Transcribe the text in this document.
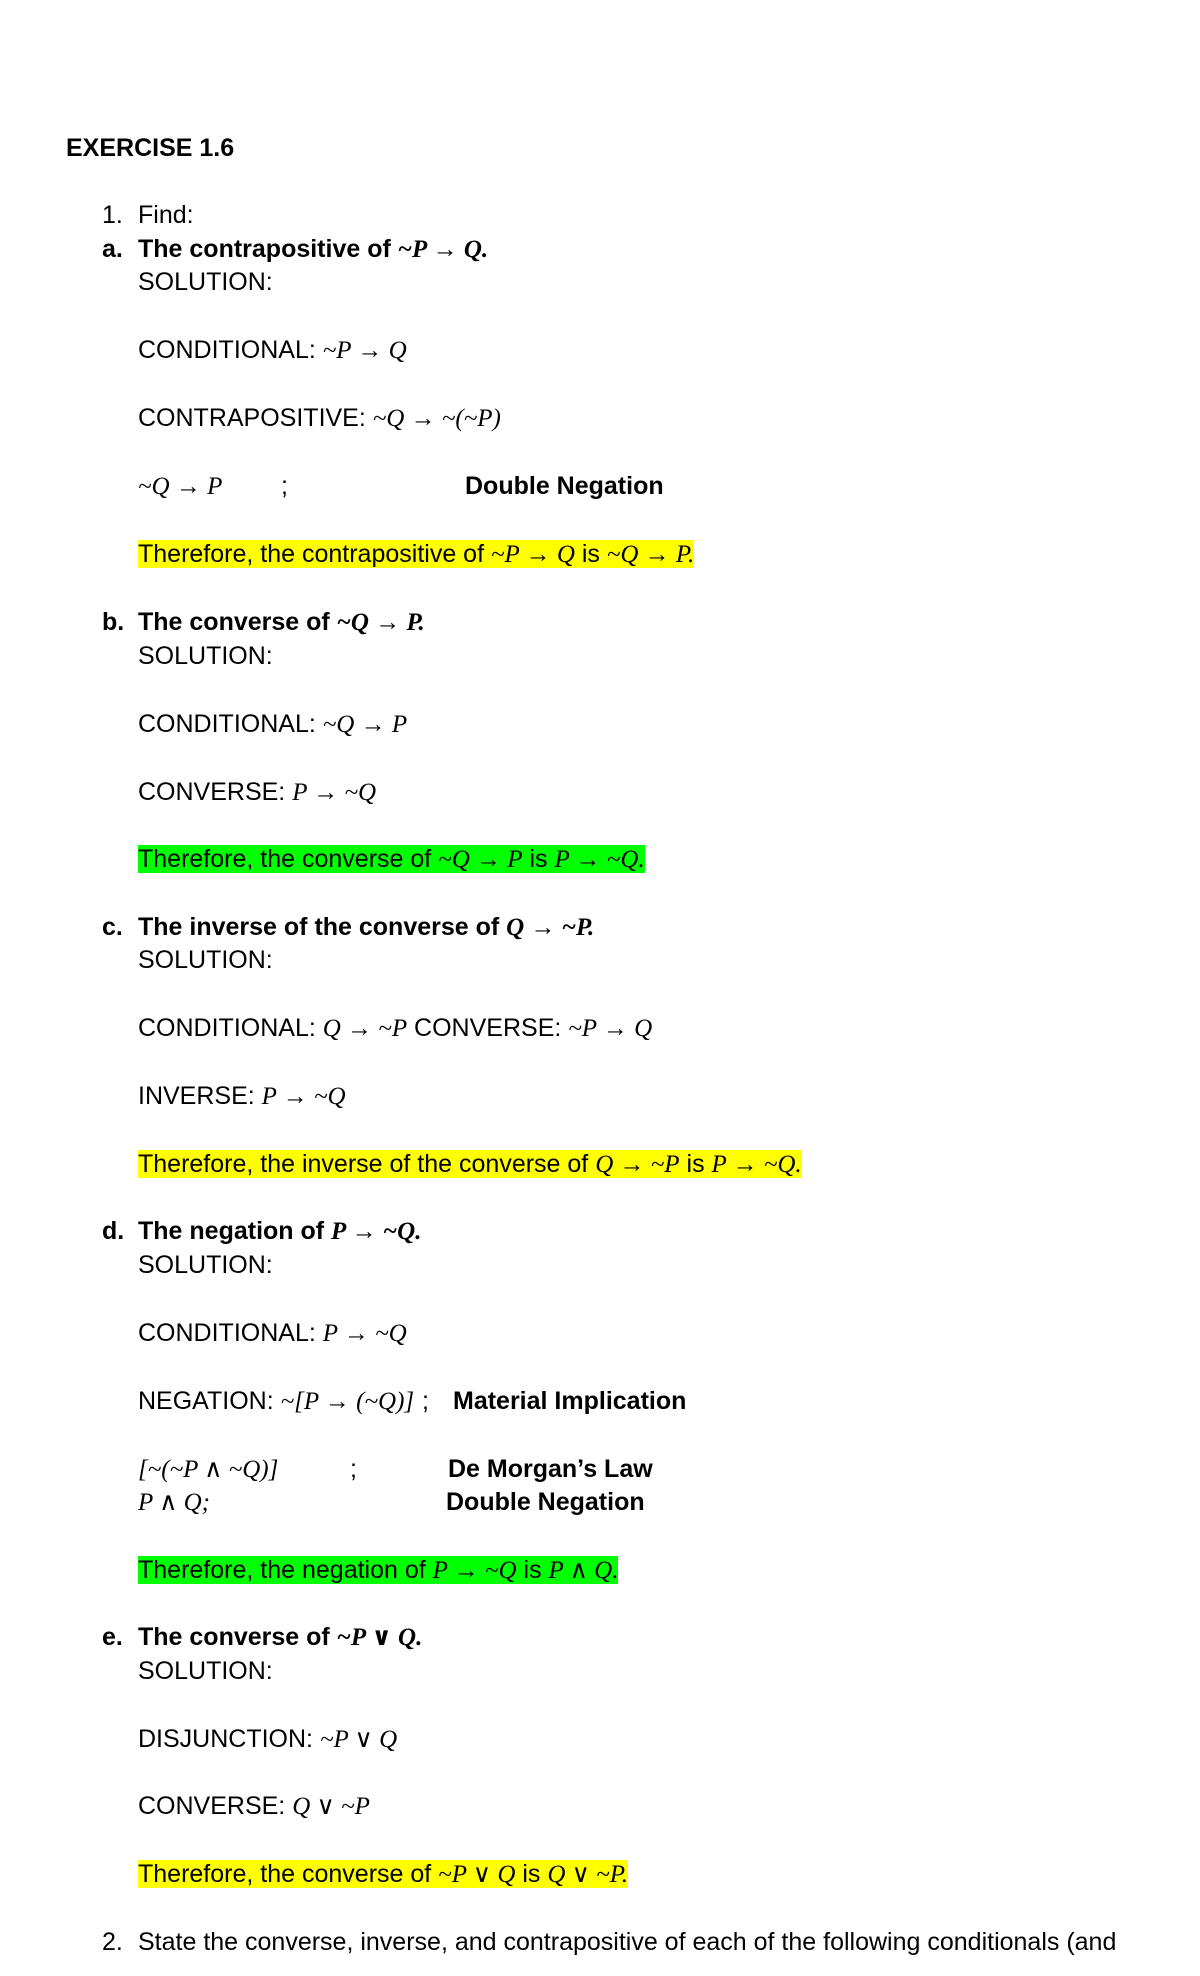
EXERCISE 1.6
1. Find:
a. The contrapositive of ~P → Q.
SOLUTION:
CONDITIONAL: ~P → Q
CONTRAPOSITIVE: ~Q → ~(~P)
~Q → P ;	Double Negation
Therefore, the contrapositive of ~P → Q is ~Q → P.
b. The converse of ~Q → P.
SOLUTION:
CONDITIONAL: ~Q → P
CONVERSE: P → ~Q
Therefore, the converse of ~Q → P is P → ~Q.
c. The inverse of the converse of Q → ~P.
SOLUTION:
CONDITIONAL: Q → ~P CONVERSE: ~P → Q
INVERSE: P → ~Q
Therefore, the inverse of the converse of Q → ~P is P → ~Q.
d. The negation of P → ~Q.
SOLUTION:
CONDITIONAL: P → ~Q
NEGATION: ~[P → (~Q)] ; Material Implication
[~(~P ∧ ~Q)]	;	De Morgan’s Law
P ∧ Q;	Double Negation
Therefore, the negation of P → ~Q is P ∧ Q.
e. The converse of ~P ∨ Q.
SOLUTION:
DISJUNCTION: ~P ∨ Q
CONVERSE: Q ∨ ~P
Therefore, the converse of ~P ∨ Q is Q ∨ ~P.
2. State the converse, inverse, and contrapositive of each of the following conditionals (and
